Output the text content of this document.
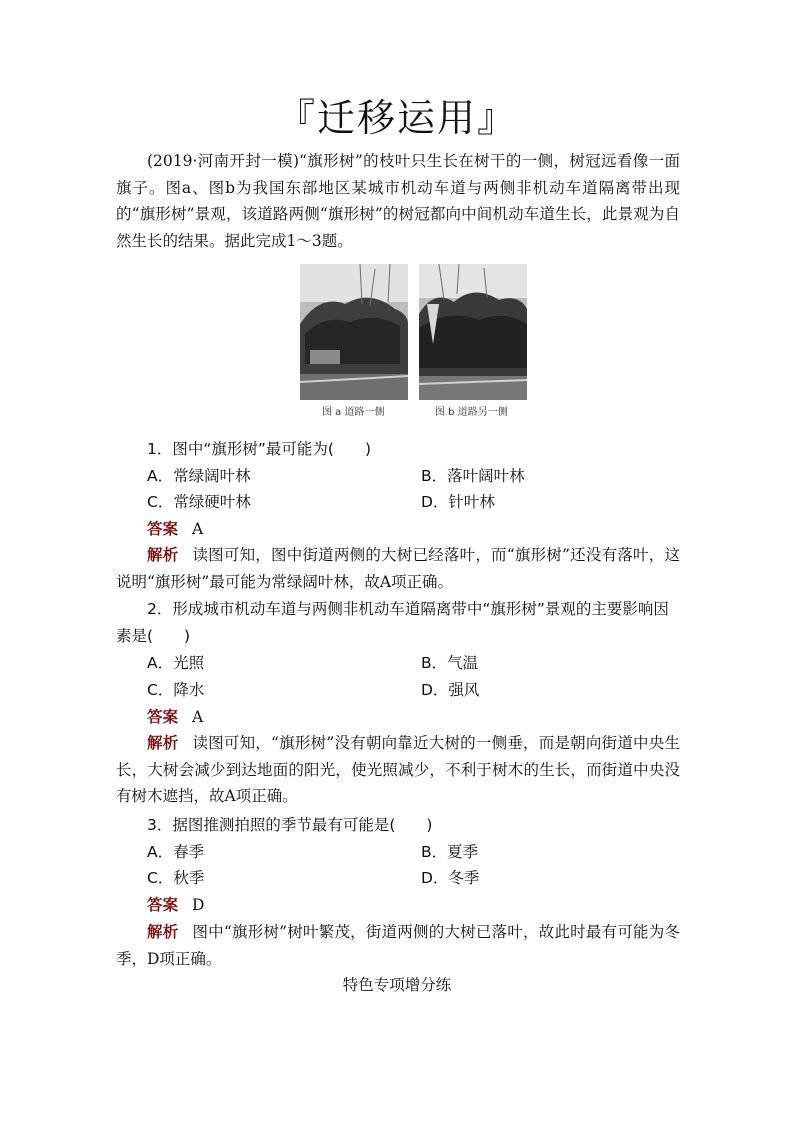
『迁移运用』
(2019·河南开封一模)“旗形树”的枝叶只生长在树干的一侧，树冠远看像一面旗子。图a、图b为我国东部地区某城市机动车道与两侧非机动车道隔离带出现的“旗形树”景观，该道路两侧“旗形树”的树冠都向中间机动车道生长，此景观为自然生长的结果。据此完成1～3题。
图 a 道路一侧	图 b 道路另一侧
1．图中“旗形树”最可能为(　　)
A．常绿阔叶林	B．落叶阔叶林
C．常绿硬叶林	D．针叶林
答案 A
解析 读图可知，图中街道两侧的大树已经落叶，而“旗形树”还没有落叶，这说明“旗形树”最可能为常绿阔叶林，故A项正确。
2．形成城市机动车道与两侧非机动车道隔离带中“旗形树”景观的主要影响因素是(　　)
A．光照	B．气温
C．降水	D．强风
答案 A
解析 读图可知，“旗形树”没有朝向靠近大树的一侧垂，而是朝向街道中央生长，大树会减少到达地面的阳光，使光照减少，不利于树木的生长，而街道中央没有树木遮挡，故A项正确。
3．据图推测拍照的季节最有可能是(　　)
A．春季	B．夏季
C．秋季	D．冬季
答案 D
解析 图中“旗形树”树叶繁茂，街道两侧的大树已落叶，故此时最有可能为冬季，D项正确。
特色专项增分练
